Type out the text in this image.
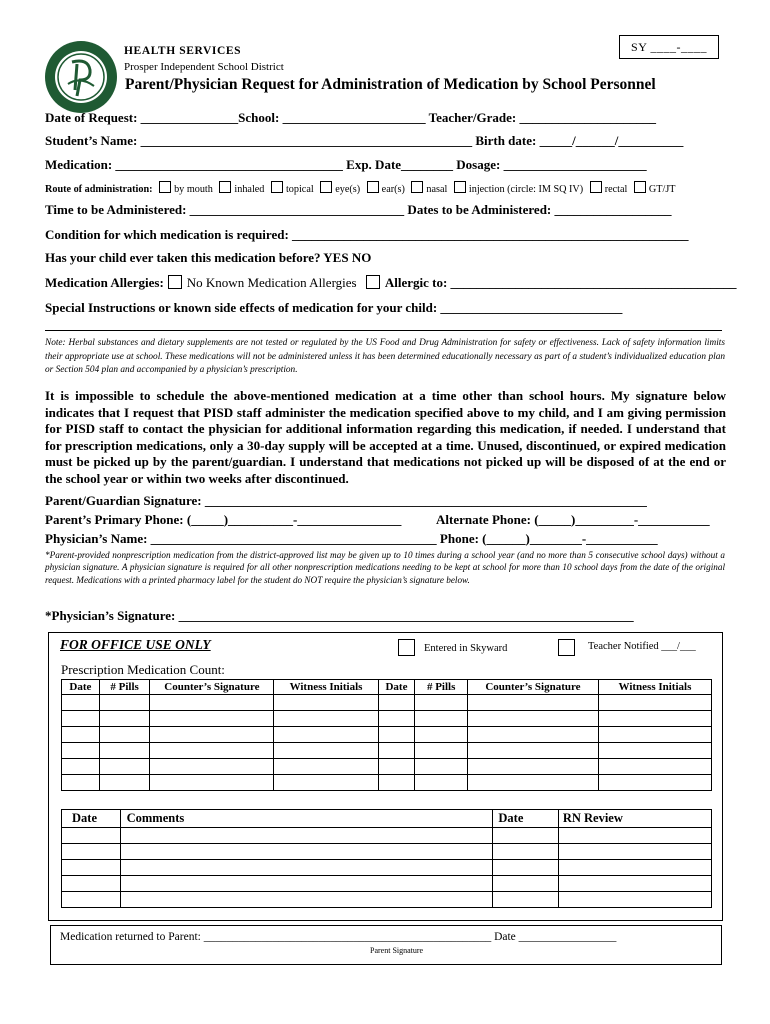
SY ____-____
HEALTH SERVICES
Prosper Independent School District
Parent/Physician Request for Administration of Medication by School Personnel
Date of Request: _______________School: ______________________ Teacher/Grade: _____________________
Student’s Name: ___________________________________________________ Birth date: _____/______/__________
Medication: ___________________________________ Exp. Date________ Dosage: ______________________
Route of administration: by mouth inhaled topical eye(s) ear(s) nasal injection (circle: IM SQ IV) rectal GT/JT
Time to be Administered: _________________________________ Dates to be Administered: __________________
Condition for which medication is required: _____________________________________________________________
Has your child ever taken this medication before? YES NO
Medication Allergies: No Known Medication Allergies Allergic to: ____________________________________________
Special Instructions or known side effects of medication for your child: ____________________________
Note: Herbal substances and dietary supplements are not tested or regulated by the US Food and Drug Administration for safety or effectiveness. Lack of safety information limits their appropriate use at school. These medications will not be administered unless it has been determined educationally necessary as part of a student’s individualized education plan or Section 504 plan and accompanied by a physician’s prescription.
It is impossible to schedule the above-mentioned medication at a time other than school hours. My signature below indicates that I request that PISD staff administer the medication specified above to my child, and I am giving permission for PISD staff to contact the physician for additional information regarding this medication, if needed. I understand that for prescription medications, only a 30-day supply will be accepted at a time. Unused, discontinued, or expired medication must be picked up by the parent/guardian. I understand that medications not picked up will be disposed of at the end or the school year or within two weeks after discontinued.
Parent/Guardian Signature: ____________________________________________________________________
Parent’s Primary Phone: (_____)__________-________________	Alternate Phone: (_____)_________-___________
Physician’s Name: ____________________________________________ Phone: (______)________-___________
*Parent-provided nonprescription medication from the district-approved list may be given up to 10 times during a school year (and no more than 5 consecutive school days) without a physician signature. A physician signature is required for all other nonprescription medications needing to be kept at school for more than 10 school days from the date of the original request. Medications with a printed pharmacy label for the student do NOT require the physician’s signature below.
*Physician’s Signature: ______________________________________________________________________
FOR OFFICE USE ONLY	Entered in Skyward	Teacher Notified ___/___
Prescription Medication Count:
Date	# Pills	Counter’s Signature	Witness Initials	Date	# Pills	Counter’s Signature	Witness Initials

Date	Comments	Date	RN Review

Medication returned to Parent: __________________________________________________ Date _________________
Parent Signature
